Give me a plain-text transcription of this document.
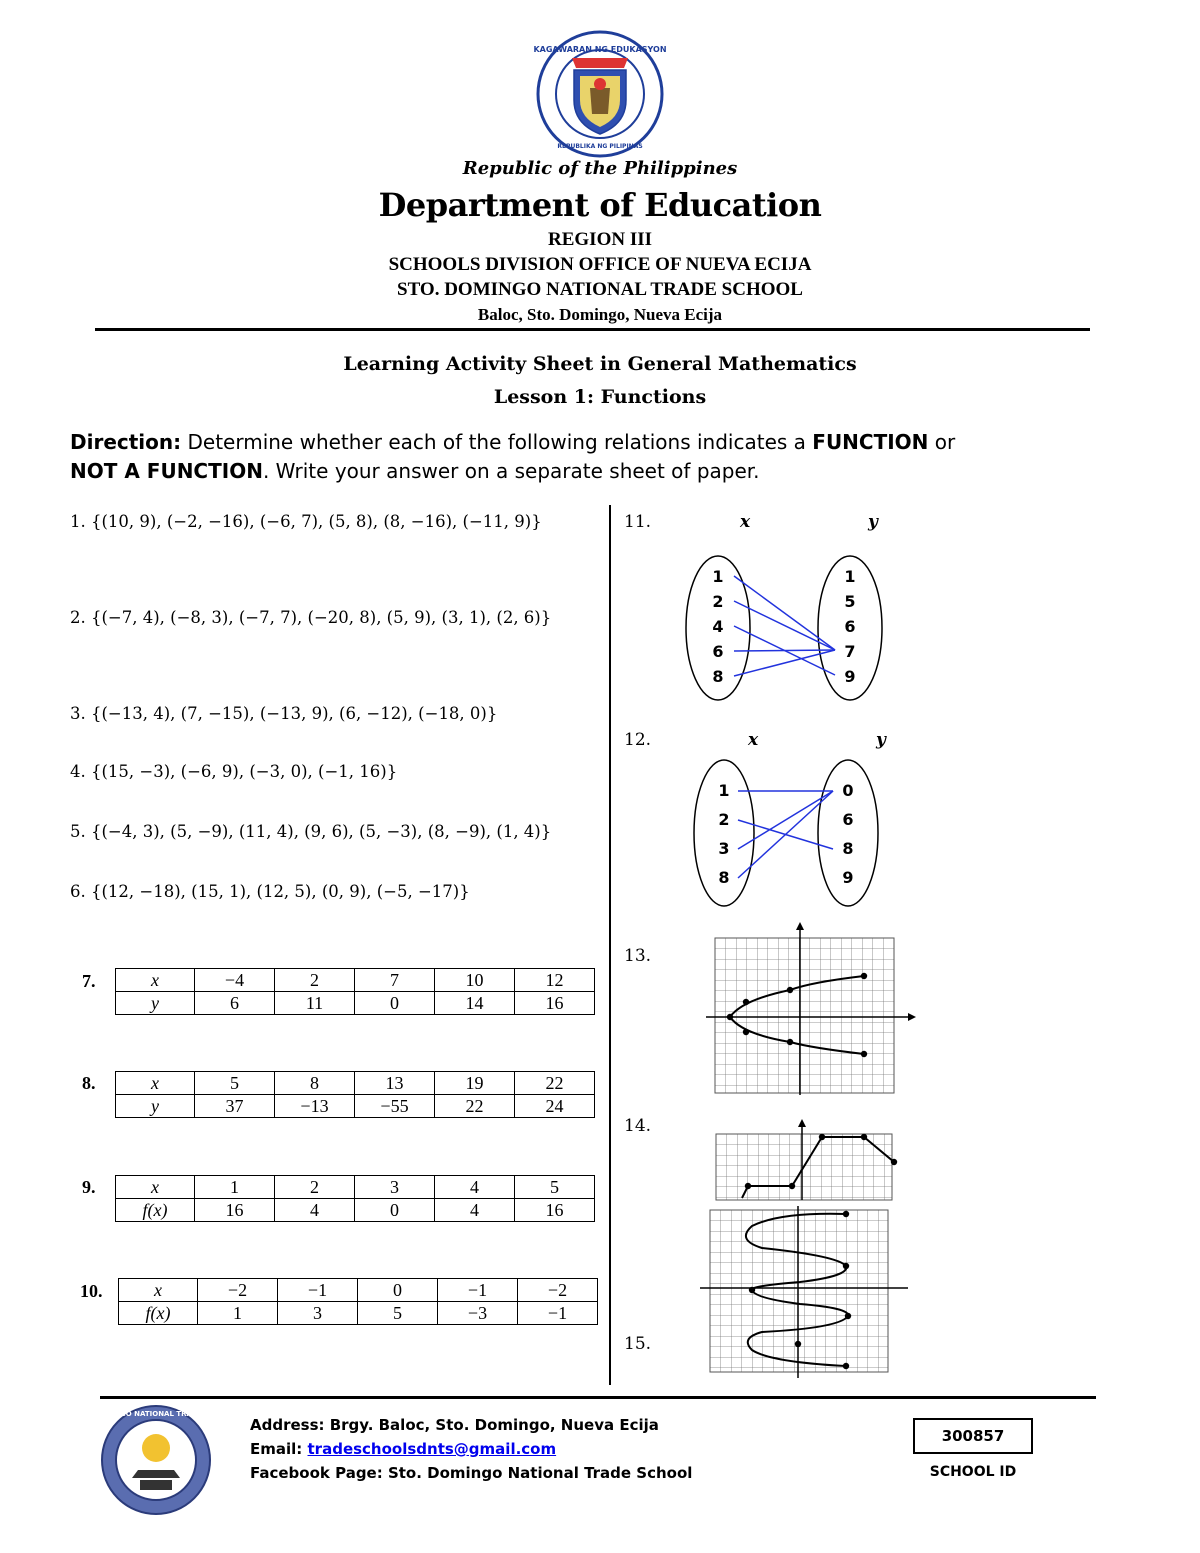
KAGAWARAN NG EDUKASYON
REPUBLIKA NG PILIPINAS
Republic of the Philippines
Department of Education
REGION III
SCHOOLS DIVISION OFFICE OF NUEVA ECIJA
STO. DOMINGO NATIONAL TRADE SCHOOL
Baloc, Sto. Domingo, Nueva Ecija
Learning Activity Sheet in General Mathematics
Lesson 1: Functions
Direction: Determine whether each of the following relations indicates a FUNCTION or
NOT A FUNCTION. Write your answer on a separate sheet of paper.
1. {(10, 9), (−2, −16), (−6, 7), (5, 8), (8, −16), (−11, 9)}
2. {(−7, 4), (−8, 3), (−7, 7), (−20, 8), (5, 9), (3, 1), (2, 6)}
3. {(−13, 4), (7, −15), (−13, 9), (6, −12), (−18, 0)}
4. {(15, −3), (−6, 9), (−3, 0), (−1, 16)}
5. {(−4, 3), (5, −9), (11, 4), (9, 6), (5, −3), (8, −9), (1, 4)}
6. {(12, −18), (15, 1), (12, 5), (0, 9), (−5, −17)}
7.	x	−4	2	7	10	12
y	6	11	0	14	16
8.	x	5	8	13	19	22
y	37	−13	−55	22	24
9.	x	1	2	3	4	5
f(x)	16	4	0	4	16
10.	x	−2	−1	0	−1	−2
f(x)	1	3	5	−3	−1
11.	x	y
1
2
4
6
8
1
5
6
7
9
12.	x	y
1
2
3
8
0
6
8
9
13.
14.
15.
STO DOMINGO NATIONAL TRADE SCHOOL
Address: Brgy. Baloc, Sto. Domingo, Nueva Ecija
Email: tradeschoolsdnts@gmail.com
Facebook Page: Sto. Domingo National Trade School
300857
SCHOOL ID
